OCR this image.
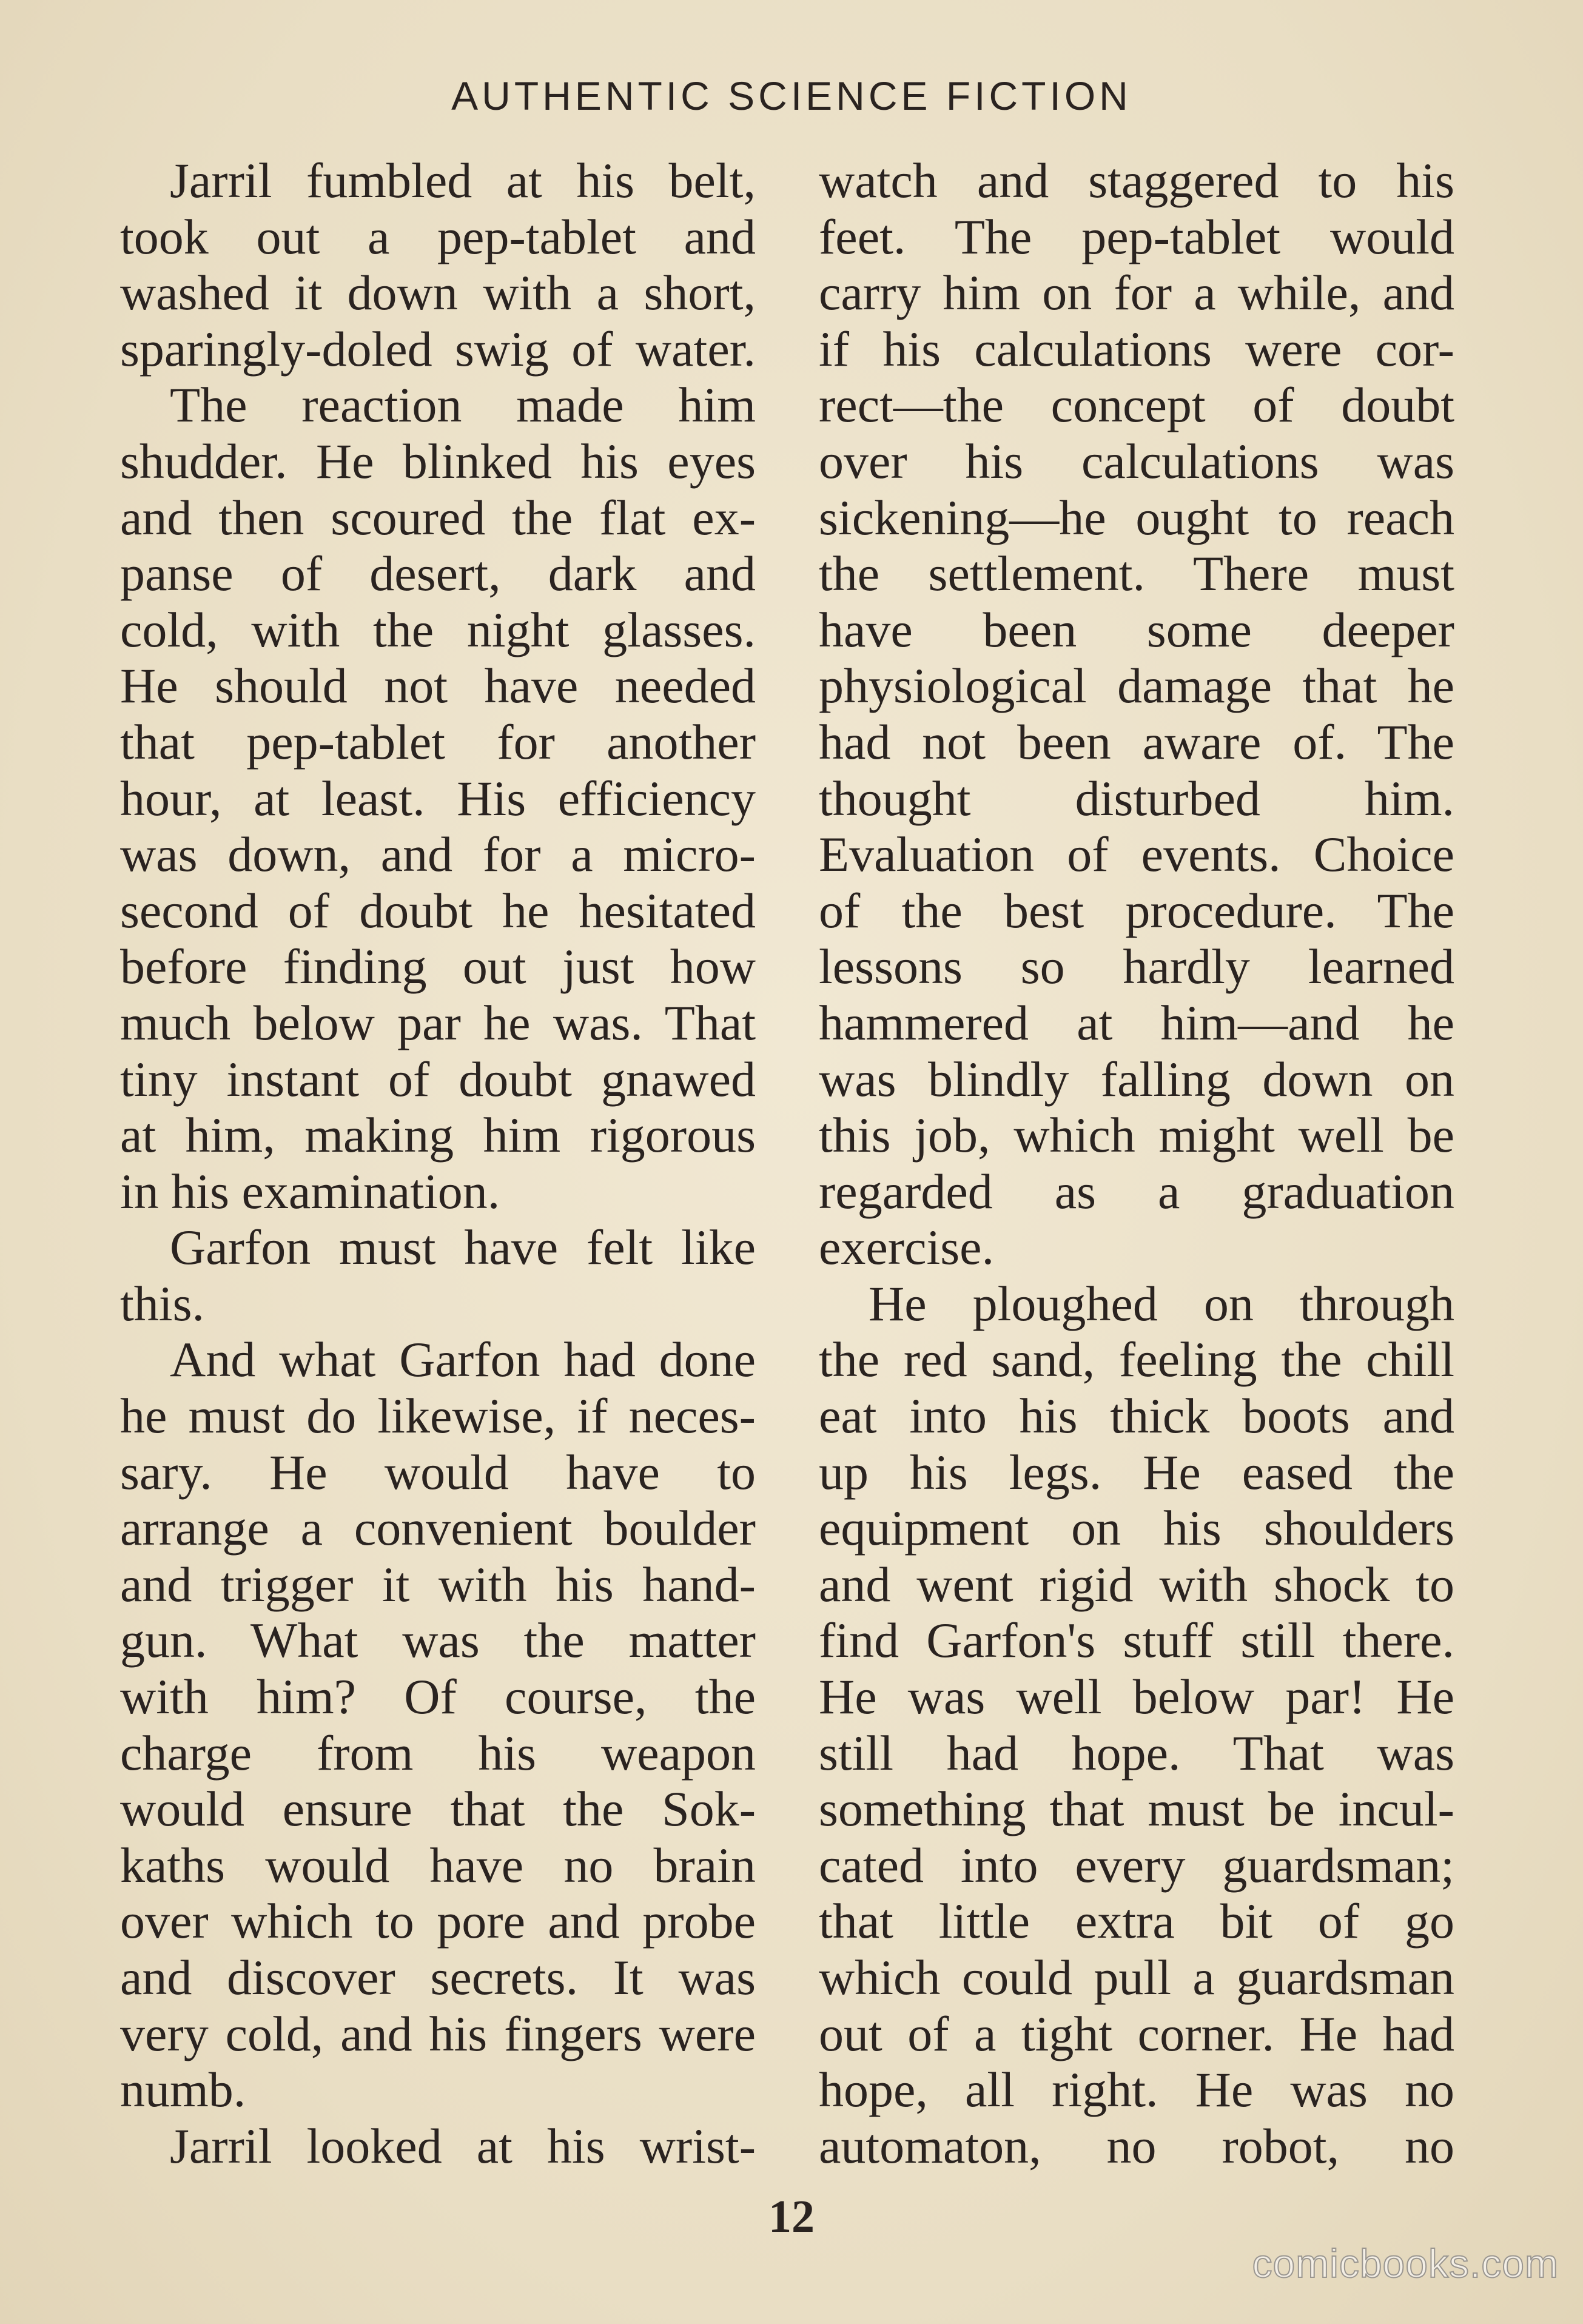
AUTHENTIC SCIENCE FICTION
Jarril fumbled at his belt,
took out a pep-tablet and
washed it down with a short,
sparingly-doled swig of water.
The reaction made him
shudder. He blinked his eyes
and then scoured the flat ex-
panse of desert, dark and
cold, with the night glasses.
He should not have needed
that pep-tablet for another
hour, at least. His efficiency
was down, and for a micro-
second of doubt he hesitated
before finding out just how
much below par he was. That
tiny instant of doubt gnawed
at him, making him rigorous
in his examination.
Garfon must have felt like
this.
And what Garfon had done
he must do likewise, if neces-
sary. He would have to
arrange a convenient boulder
and trigger it with his hand-
gun. What was the matter
with him? Of course, the
charge from his weapon
would ensure that the Sok-
kaths would have no brain
over which to pore and probe
and discover secrets. It was
very cold, and his fingers were
numb.
Jarril looked at his wrist-
watch and staggered to his
feet. The pep-tablet would
carry him on for a while, and
if his calculations were cor-
rect—the concept of doubt
over his calculations was
sickening—he ought to reach
the settlement. There must
have been some deeper
physiological damage that he
had not been aware of. The
thought disturbed him.
Evaluation of events. Choice
of the best procedure. The
lessons so hardly learned
hammered at him—and he
was blindly falling down on
this job, which might well be
regarded as a graduation
exercise.
He ploughed on through
the red sand, feeling the chill
eat into his thick boots and
up his legs. He eased the
equipment on his shoulders
and went rigid with shock to
find Garfon's stuff still there.
He was well below par! He
still had hope. That was
something that must be incul-
cated into every guardsman;
that little extra bit of go
which could pull a guardsman
out of a tight corner. He had
hope, all right. He was no
automaton, no robot, no
12
comicbooks.com
